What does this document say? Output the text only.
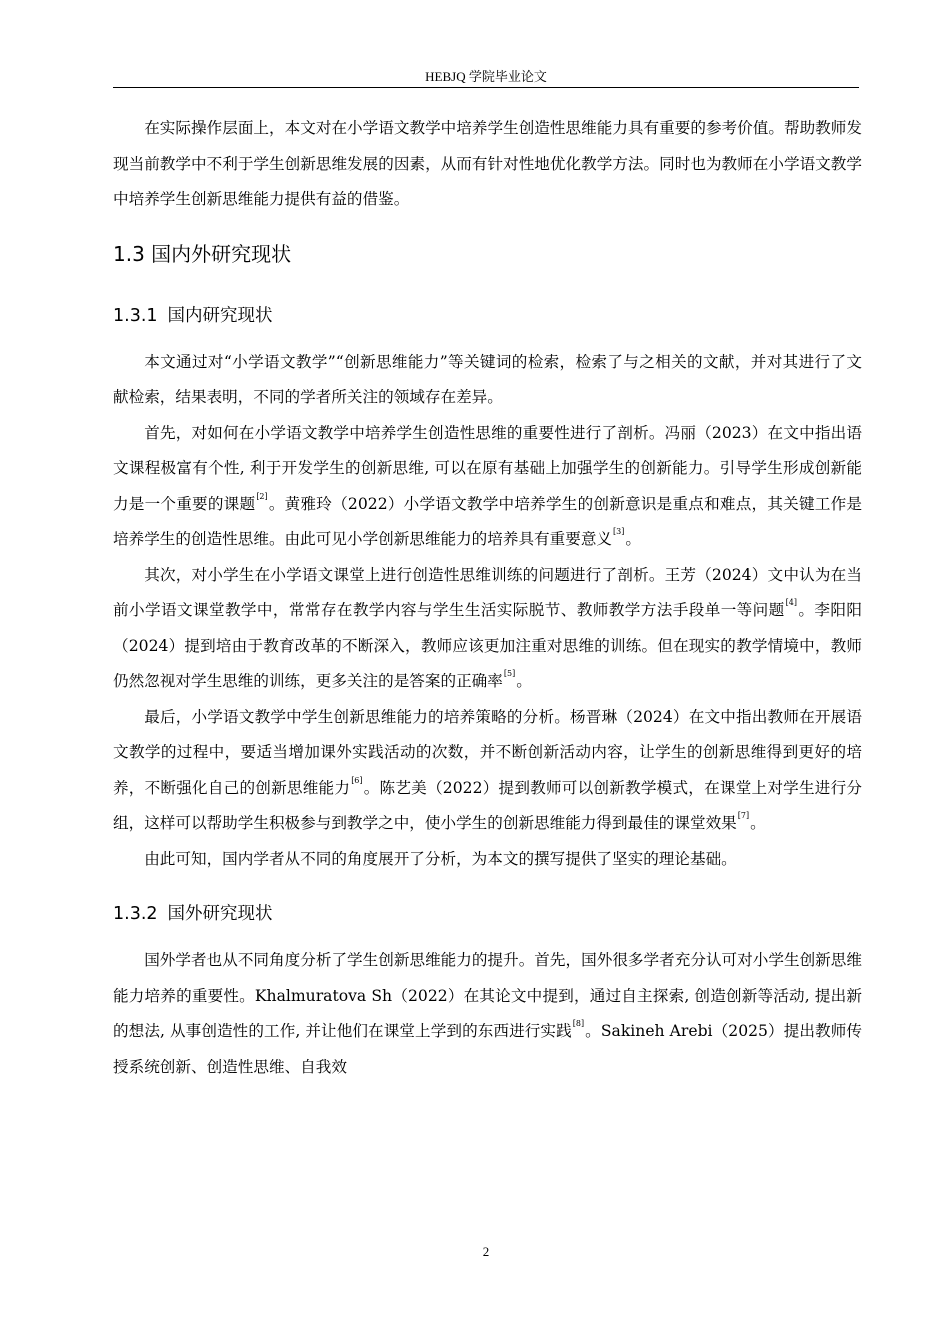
HEBJQ 学院毕业论文

在实际操作层面上，本文对在小学语文教学中培养学生创造性思维能力具有重要的参考价值。帮助教师发现当前教学中不利于学生创新思维发展的因素，从而有针对性地优化教学方法。同时也为教师在小学语文教学中培养学生创新思维能力提供有益的借鉴。

1.3 国内外研究现状
1.3.1 国内研究现状

本文通过对“小学语文教学”“创新思维能力”等关键词的检索，检索了与之相关的文献，并对其进行了文献检索，结果表明，不同的学者所关注的领域存在差异。

首先，对如何在小学语文教学中培养学生创造性思维的重要性进行了剖析。冯丽（2023）在文中指出语文课程极富有个性, 利于开发学生的创新思维, 可以在原有基础上加强学生的创新能力。引导学生形成创新能力是一个重要的课题[2]。黄雅玲（2022）小学语文教学中培养学生的创新意识是重点和难点，其关键工作是培养学生的创造性思维。由此可见小学创新思维能力的培养具有重要意义[3]。

其次，对小学生在小学语文课堂上进行创造性思维训练的问题进行了剖析。王芳（2024）文中认为在当前小学语文课堂教学中，常常存在教学内容与学生生活实际脱节、教师教学方法手段单一等问题[4]。李阳阳（2024）提到培由于教育改革的不断深入，教师应该更加注重对思维的训练。但在现实的教学情境中，教师仍然忽视对学生思维的训练，更多关注的是答案的正确率[5]。

最后，小学语文教学中学生创新思维能力的培养策略的分析。杨晋琳（2024）在文中指出教师在开展语文教学的过程中，要适当增加课外实践活动的次数，并不断创新活动内容，让学生的创新思维得到更好的培养，不断强化自己的创新思维能力[6]。陈艺美（2022）提到教师可以创新教学模式，在课堂上对学生进行分组，这样可以帮助学生积极参与到教学之中，使小学生的创新思维能力得到最佳的课堂效果[7]。

由此可知，国内学者从不同的角度展开了分析，为本文的撰写提供了坚实的理论基础。

1.3.2 国外研究现状

国外学者也从不同角度分析了学生创新思维能力的提升。首先，国外很多学者充分认可对小学生创新思维能力培养的重要性。Khalmuratova Sh（2022）在其论文中提到，通过自主探索, 创造创新等活动, 提出新的想法, 从事创造性的工作, 并让他们在课堂上学到的东西进行实践[8]。Sakineh Arebi（2025）提出教师传授系统创新、创造性思维、自我效

2
